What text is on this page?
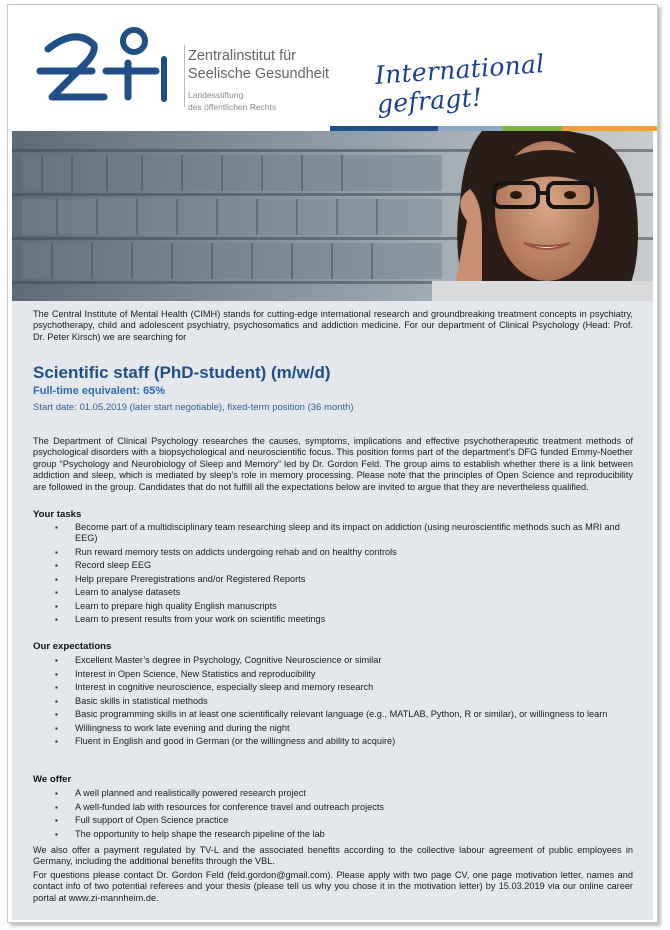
Zentralinstitut für
Seelische Gesundheit
Landesstiftung
des öffentlichen Rechts
International gefragt!
The Central Institute of Mental Health (CIMH) stands for cutting-edge international research and groundbreaking treatment concepts in psychiatry, psychotherapy, child and adolescent psychiatry, psychosomatics and addiction medicine. For our department of Clinical Psychology (Head: Prof. Dr. Peter Kirsch) we are searching for
Scientific staff (PhD-student) (m/w/d)
Full-time equivalent: 65%
Start date: 01.05.2019 (later start negotiable), fixed-term position (36 month)
The Department of Clinical Psychology researches the causes, symptoms, implications and effective psychotherapeutic treatment methods of psychological disorders with a biopsychological and neuroscientific focus. This position forms part of the department’s DFG funded Emmy-Noether group “Psychology and Neurobiology of Sleep and Memory” led by Dr. Gordon Feld. The group aims to establish whether there is a link between addiction and sleep, which is mediated by sleep’s role in memory processing. Please note that the principles of Open Science and reproducibility are followed in the group. Candidates that do not fulfill all the expectations below are invited to argue that they are nevertheless qualified.
Your tasks
▪ Become part of a multidisciplinary team researching sleep and its impact on addiction (using neuroscientific methods such as MRI and EEG)
▪ Run reward memory tests on addicts undergoing rehab and on healthy controls
▪ Record sleep EEG
▪ Help prepare Preregistrations and/or Registered Reports
▪ Learn to analyse datasets
▪ Learn to prepare high quality English manuscripts
▪ Learn to present results from your work on scientific meetings
Our expectations
▪ Excellent Master’s degree in Psychology, Cognitive Neuroscience or similar
▪ Interest in Open Science, New Statistics and reproducibility
▪ Interest in cognitive neuroscience, especially sleep and memory research
▪ Basic skills in statistical methods
▪ Basic programming skills in at least one scientifically relevant language (e.g., MATLAB, Python, R or similar), or willingness to learn
▪ Willingness to work late evening and during the night
▪ Fluent in English and good in German (or the willingness and ability to acquire)
We offer
▪ A well planned and realistically powered research project
▪ A well-funded lab with resources for conference travel and outreach projects
▪ Full support of Open Science practice
▪ The opportunity to help shape the research pipeline of the lab
We also offer a payment regulated by TV-L and the associated benefits according to the collective labour agreement of public employees in Germany, including the additional benefits through the VBL.
For questions please contact Dr. Gordon Feld (feld.gordon@gmail.com). Please apply with two page CV, one page motivation letter, names and contact info of two potential referees and your thesis (please tell us why you chose it in the motivation letter) by 15.03.2019 via our online career portal at www.zi-mannheim.de.
